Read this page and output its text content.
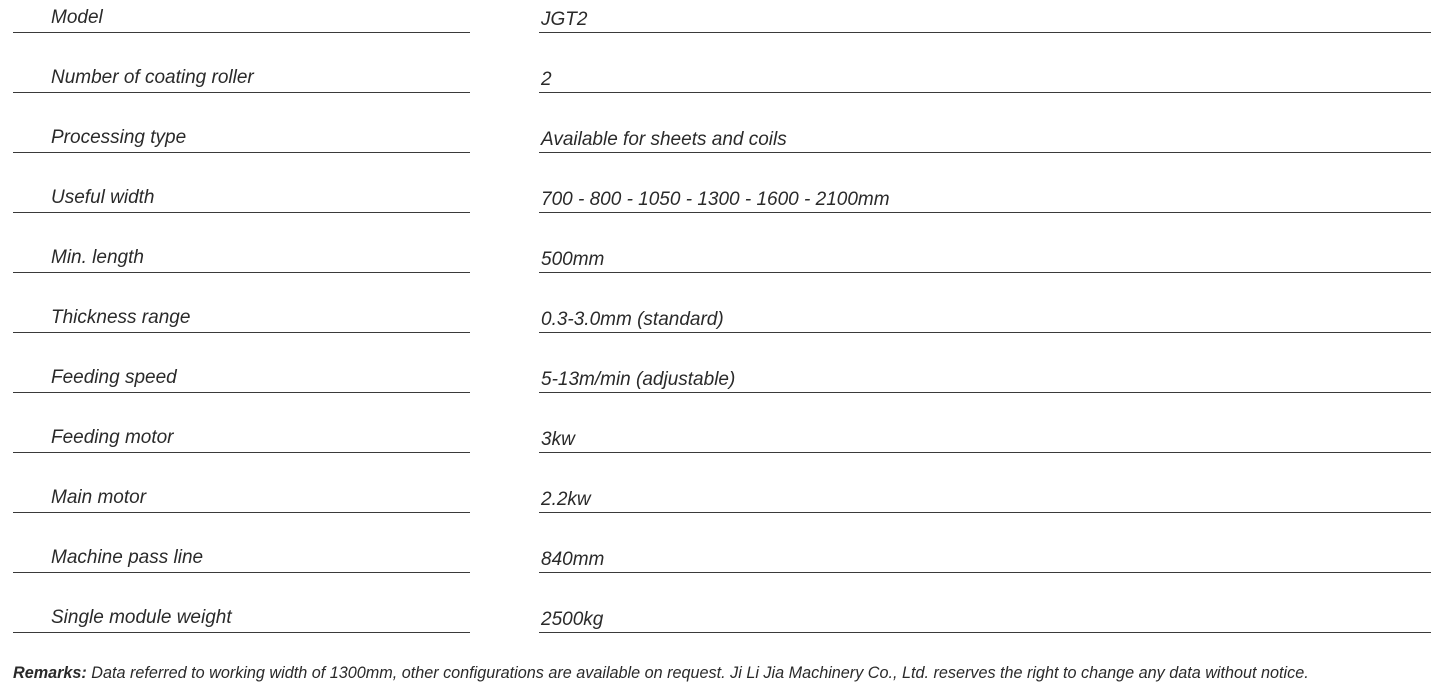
Model	JGT2
Number of coating roller	2
Processing type	Available for sheets and coils
Useful width	700 - 800 - 1050 - 1300 - 1600 - 2100mm
Min. length	500mm
Thickness range	0.3-3.0mm (standard)
Feeding speed	5-13m/min (adjustable)
Feeding motor	3kw
Main motor	2.2kw
Machine pass line	840mm
Single module weight	2500kg
Remarks: Data referred to working width of 1300mm, other configurations are available on request. Ji Li Jia Machinery Co., Ltd. reserves the right to change any data without notice.
